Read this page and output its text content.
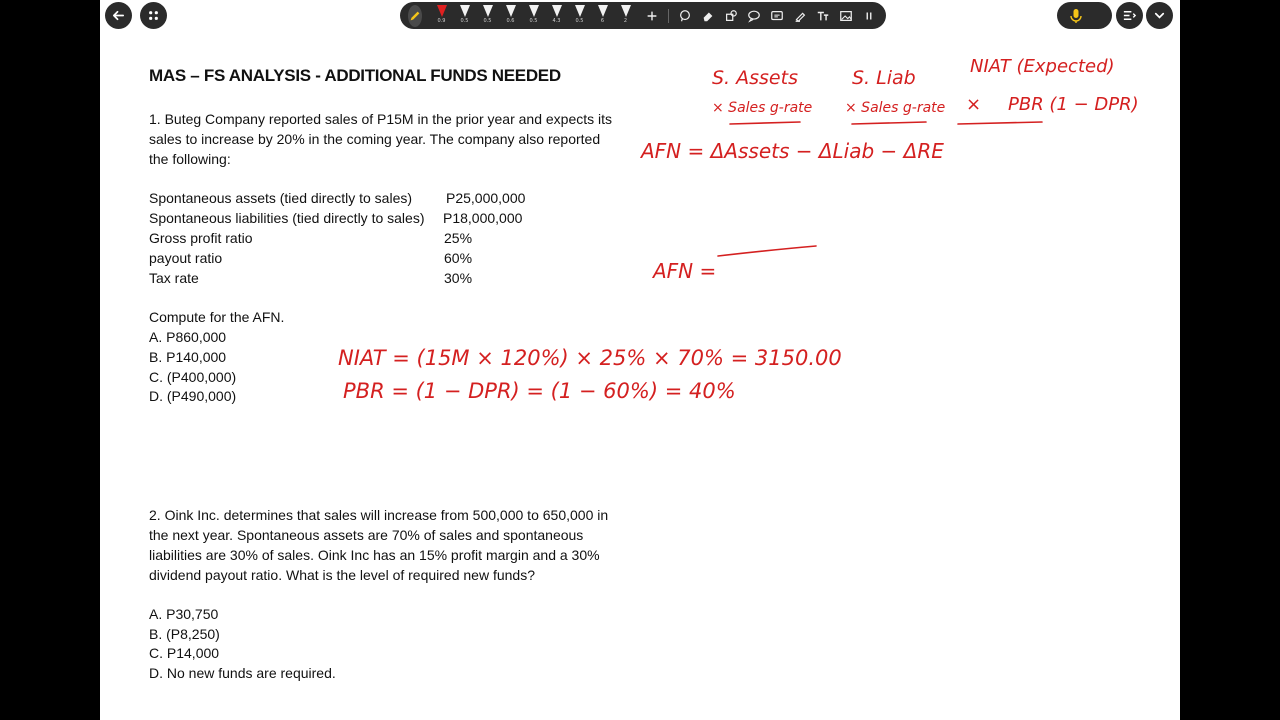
0.9	0.5	0.5	0.6	0.5	4.3	0.5	6	2
MAS – FS ANALYSIS - ADDITIONAL FUNDS NEEDED
1. Buteg Company reported sales of P15M in the prior year and expects its sales to increase by 20% in the coming year. The company also reported the following:
Spontaneous assets (tied directly to sales) P25,000,000
Spontaneous liabilities (tied directly to sales) P18,000,000
Gross profit ratio	25%
payout ratio	60%
Tax rate	30%
Compute for the AFN.
A. P860,000
B. P140,000
C. (P400,000)
D. (P490,000)
2. Oink Inc. determines that sales will increase from 500,000 to 650,000 in the next year. Spontaneous assets are 70% of sales and spontaneous liabilities are 30% of sales. Oink Inc has an 15% profit margin and a 30% dividend payout ratio. What is the level of required new funds?
A. P30,750
B. (P8,250)
C. P14,000
D. No new funds are required.
S. Assets	S. Liab
NIAT (Expected)
× Sales g-rate × Sales g-rate × PBR (1 − DPR)
AFN = ΔAssets − ΔLiab − ΔRE
AFN =
NIAT = (15M × 120%) × 25% × 70% = 3150.00
PBR = (1 − DPR) = (1 − 60%) = 40%
